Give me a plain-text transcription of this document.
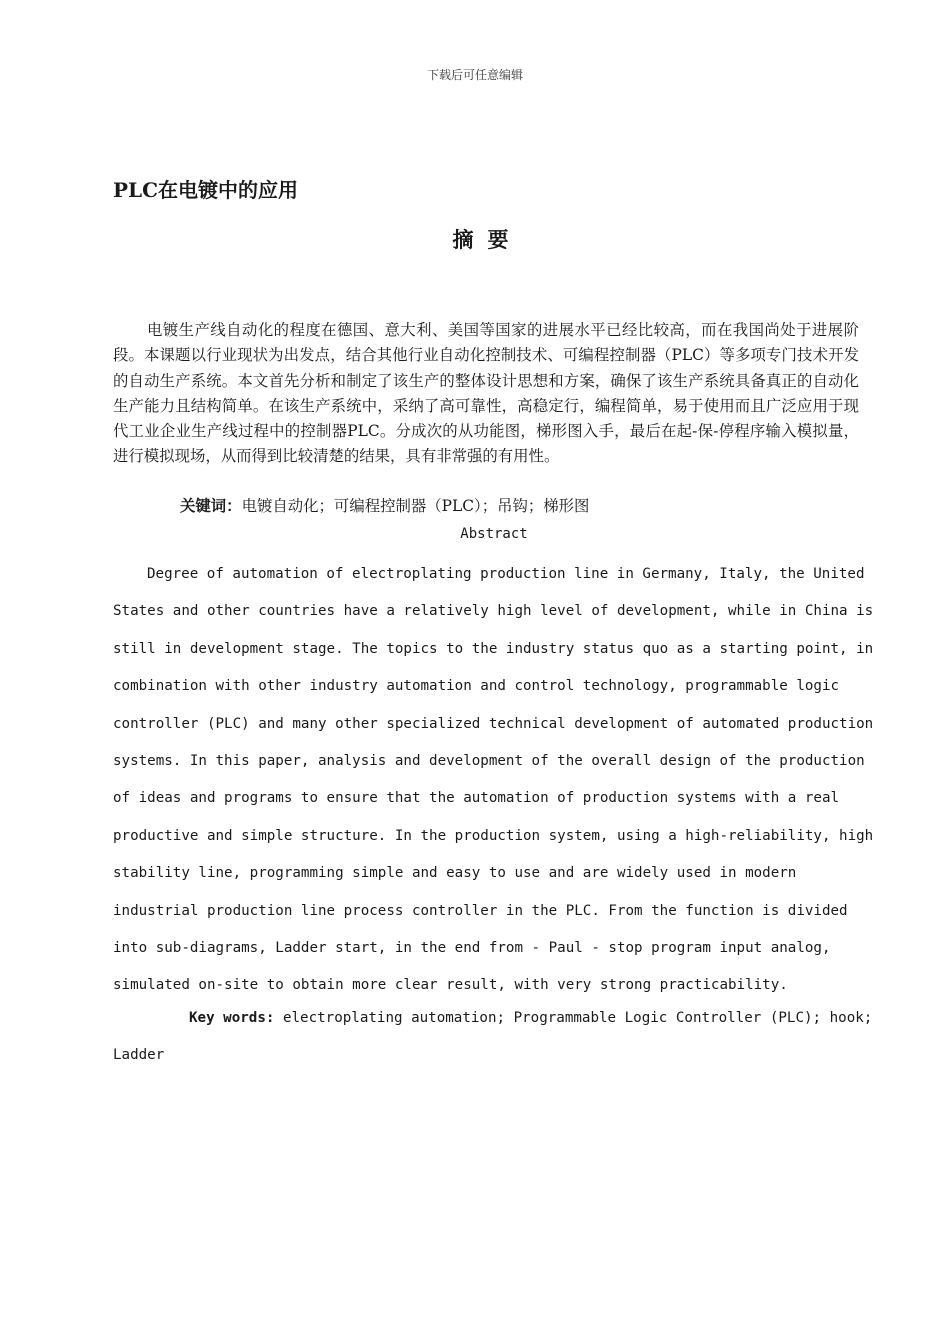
下载后可任意编辑
PLC在电镀中的应用
摘要

电镀生产线自动化的程度在德国、意大利、美国等国家的进展水平已经比较高，而在我国尚处于进展阶段。本课题以行业现状为出发点，结合其他行业自动化控制技术、可编程控制器（PLC）等多项专门技术开发的自动生产系统。本文首先分析和制定了该生产的整体设计思想和方案，确保了该生产系统具备真正的自动化生产能力且结构简单。在该生产系统中，采纳了高可靠性，高稳定行，编程简单，易于使用而且广泛应用于现代工业企业生产线过程中的控制器PLC。分成次的从功能图，梯形图入手，最后在起-保-停程序输入模拟量，进行模拟现场，从而得到比较清楚的结果，具有非常强的有用性。

关键词：电镀自动化；可编程控制器（PLC）；吊钩；梯形图
Abstract
Degree of automation of electroplating production line in Germany, Italy, the United
States and other countries have a relatively high level of development, while in China is
still in development stage. The topics to the industry status quo as a starting point, in
combination with other industry automation and control technology, programmable logic
controller (PLC) and many other specialized technical development of automated production
systems. In this paper, analysis and development of the overall design of the production
of ideas and programs to ensure that the automation of production systems with a real
productive and simple structure. In the production system, using a high-reliability, high
stability line, programming simple and easy to use and are widely used in modern
industrial production line process controller in the PLC. From the function is divided
into sub-diagrams, Ladder start, in the end from - Paul - stop program input analog,
simulated on-site to obtain more clear result, with very strong practicability.
Key words: electroplating automation; Programmable Logic Controller (PLC); hook;
Ladder
